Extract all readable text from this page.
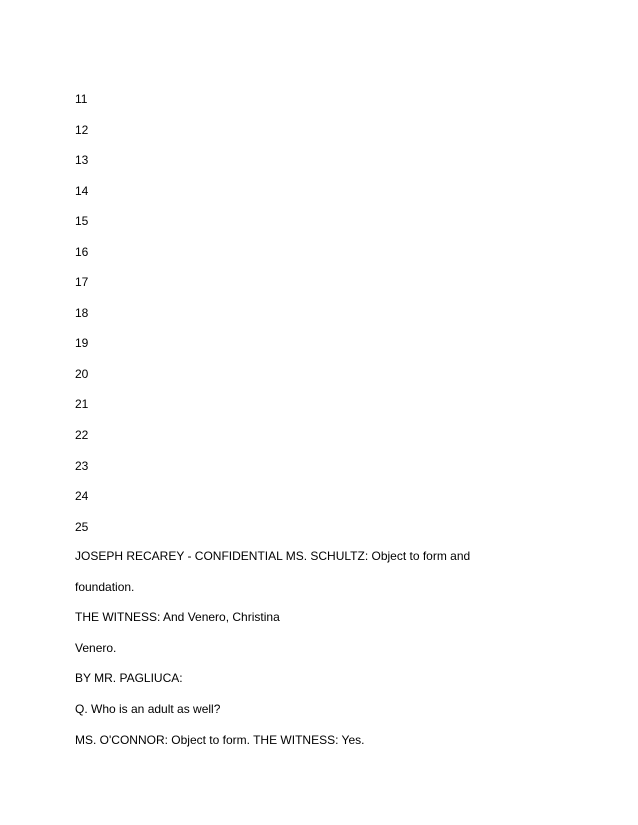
11
12
13
14
15
16
17
18
19
20
21
22
23
24
25
JOSEPH RECAREY - CONFIDENTIAL MS. SCHULTZ: Object to form and
foundation.
THE WITNESS: And Venero, Christina
Venero.
BY MR. PAGLIUCA:
Q. Who is an adult as well?
MS. O'CONNOR: Object to form. THE WITNESS: Yes.
